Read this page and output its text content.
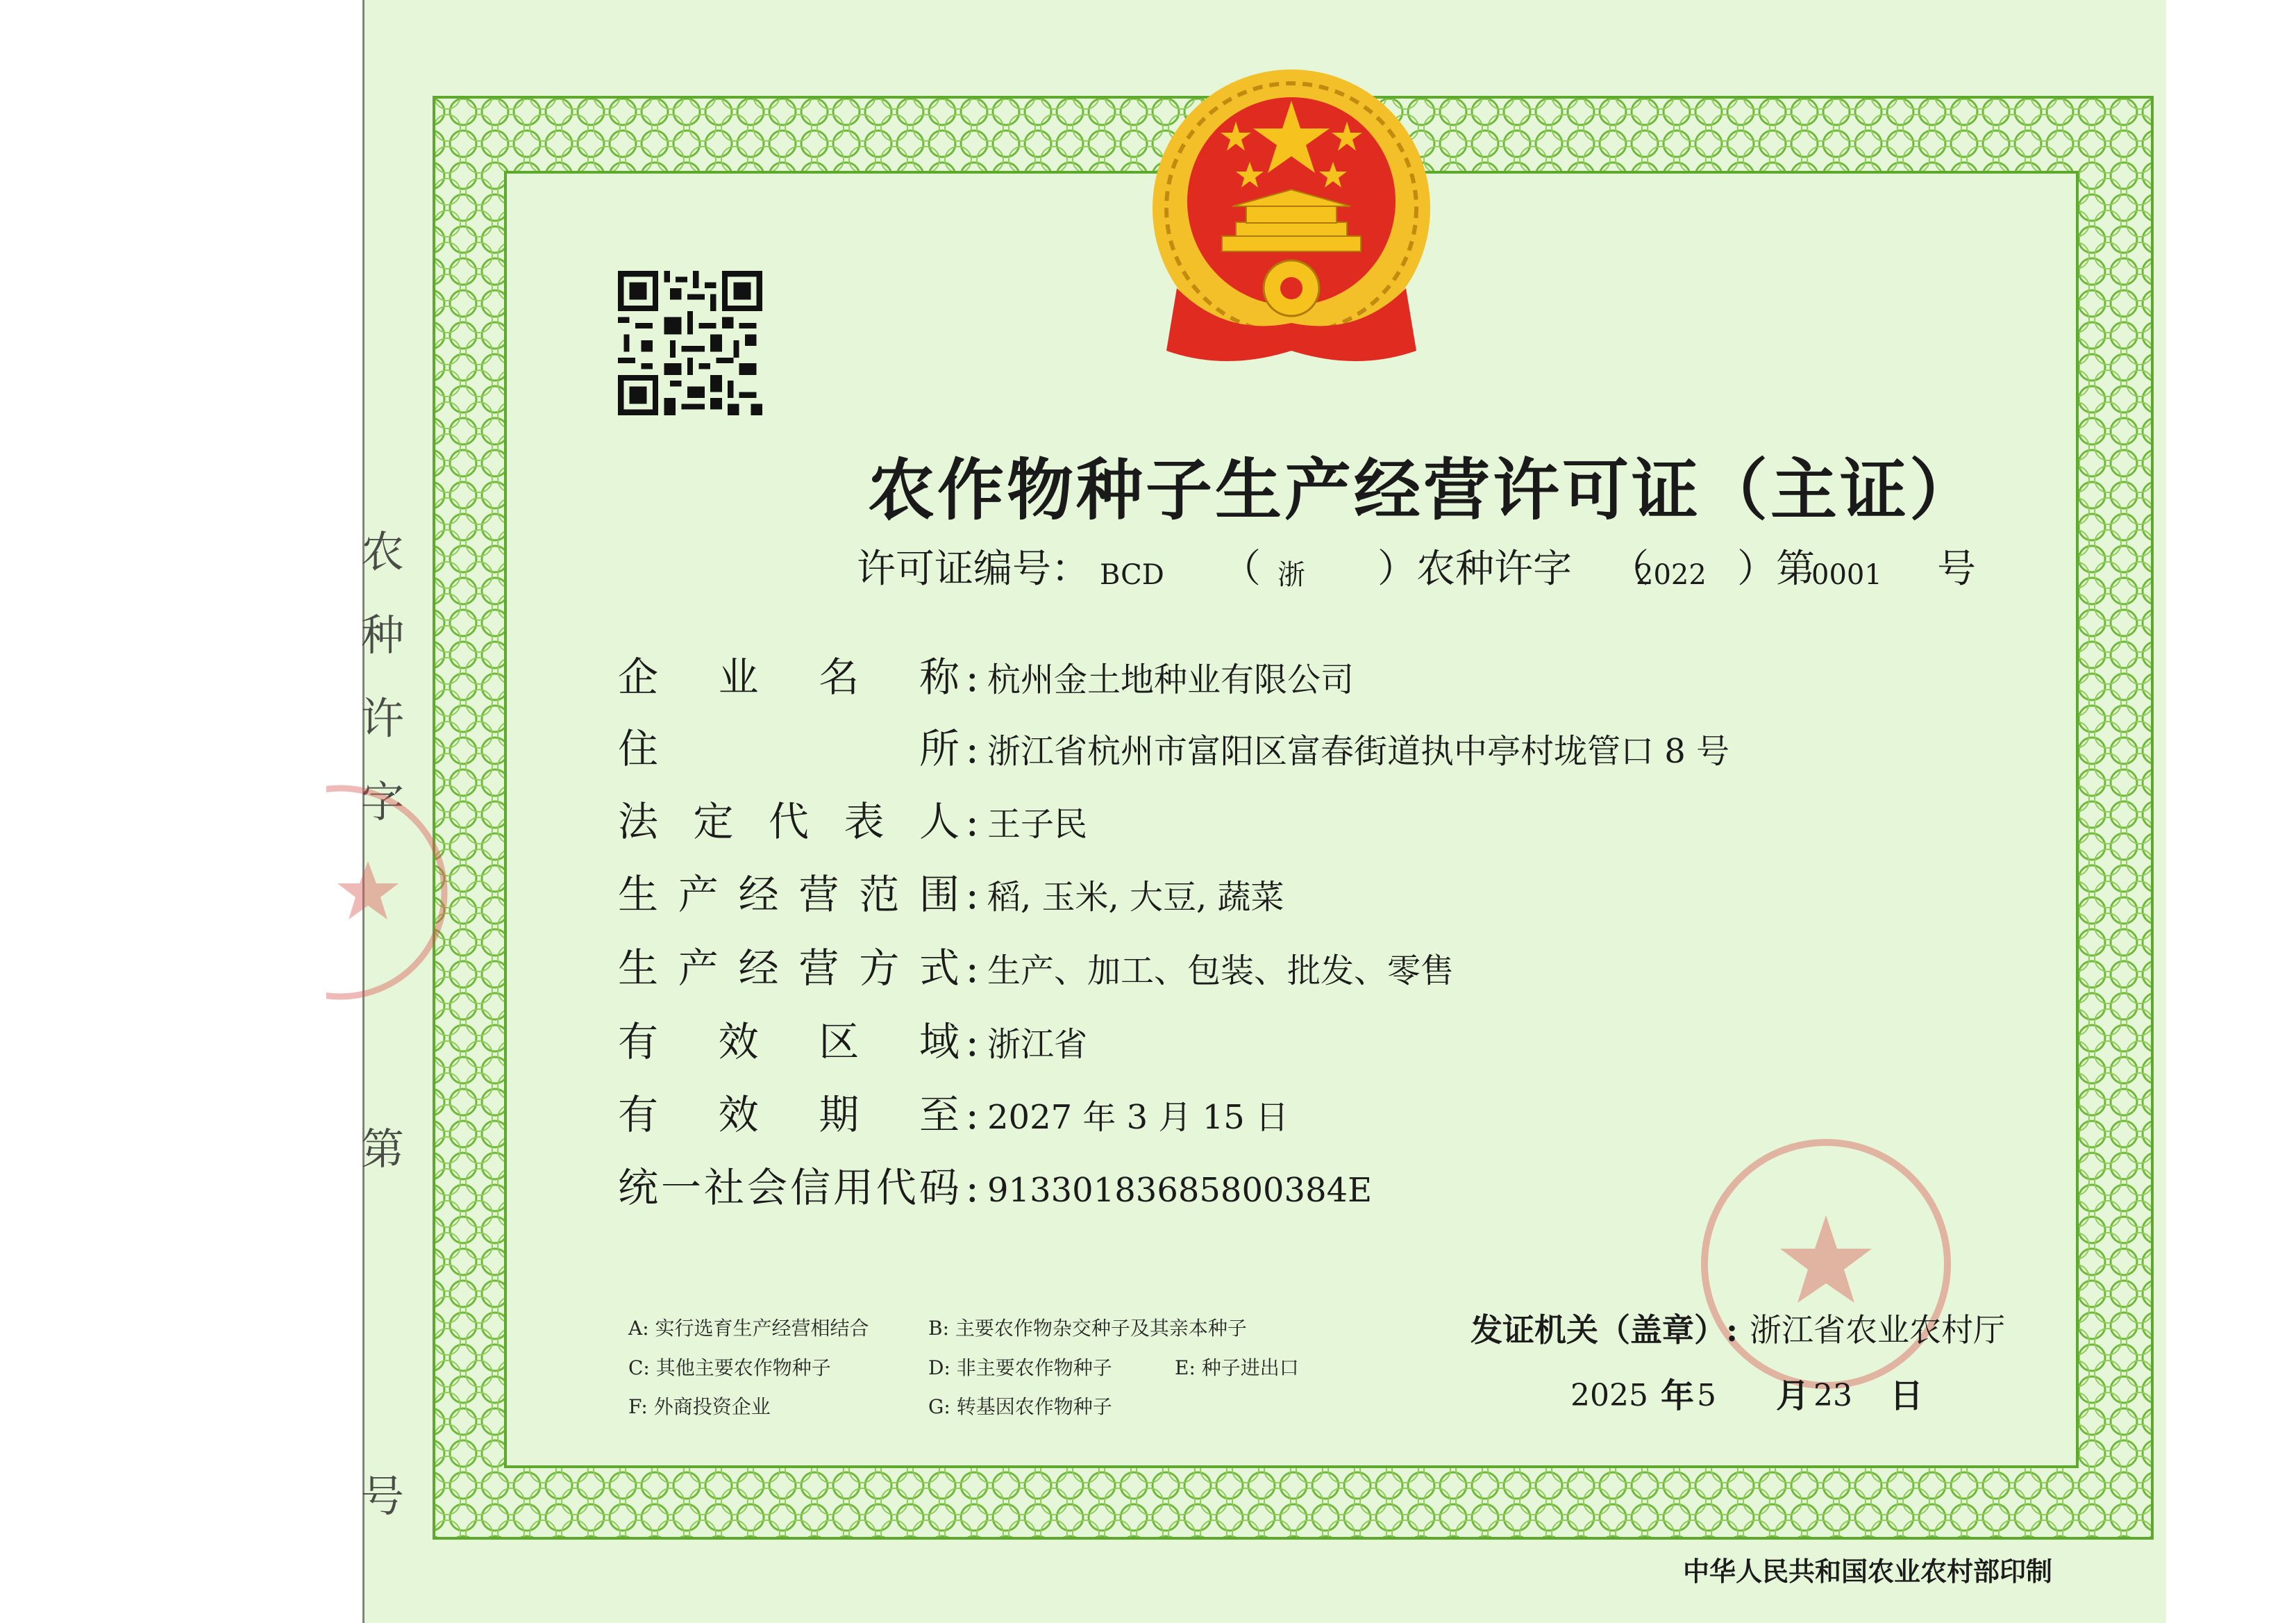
农
种
许
字
第
号
农作物种子生产经营许可证（主证）
许可证编号： BCD （ 浙 ）农种许字 （
2022 ）第
0001 号
企 业 名 称 : 杭州金土地种业有限公司
住	所 : 浙江省杭州市富阳区富春街道执中亭村垅管口 8 号
法 定 代 表 人 : 王子民
生 产 经 营 范 围 : 稻, 玉米, 大豆, 蔬菜
生 产 经 营 方 式 : 生产、加工、包装、批发、零售
有 效 区 域 : 浙江省
有 效 期 至 : 2027 年 3 月 15 日
统 一 社 会 信 用 代 码 : 91330183685800384E
A: 实行选育生产经营相结合	B: 主要农作物杂交种子及其亲本种子
C: 其他主要农作物种子	D: 非主要农作物种子	E: 种子进出口
F: 外商投资企业	G: 转基因农作物种子
发证机关（盖章）: 浙江省农业农村厅
2025 年 5 月 23 日
中华人民共和国农业农村部印制
